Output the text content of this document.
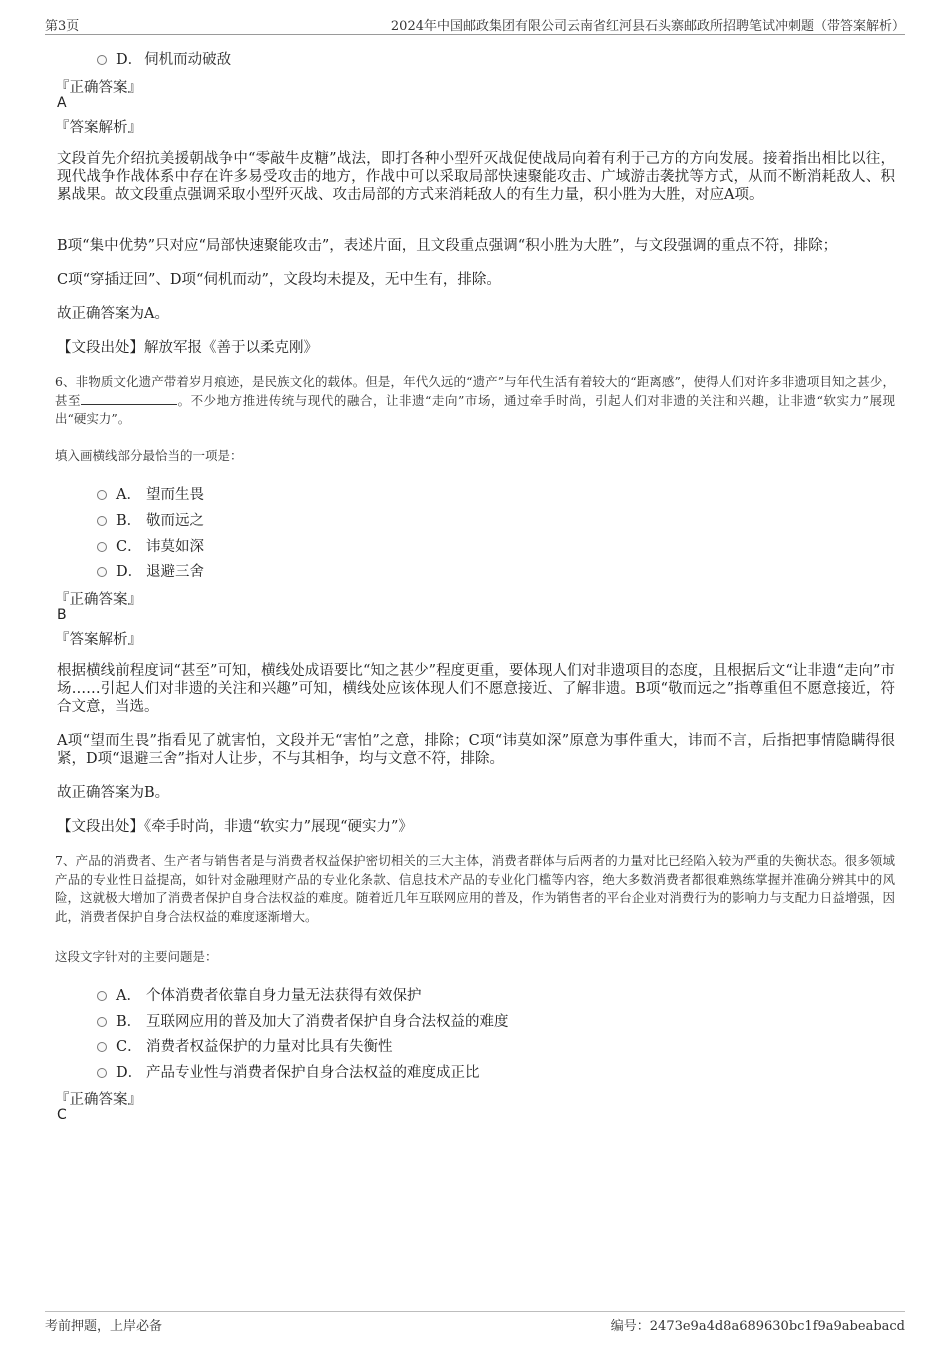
第3页	2024年中国邮政集团有限公司云南省红河县石头寨邮政所招聘笔试冲刺题（带答案解析）
D． 伺机而动破敌
『正确答案』
A
『答案解析』
文段首先介绍抗美援朝战争中“零敲牛皮糖”战法，即打各种小型歼灭战促使战局向着有利于己方的方向发展。接着指出相比以往，现代战争作战体系中存在许多易受攻击的地方，作战中可以采取局部快速聚能攻击、广域游击袭扰等方式，从而不断消耗敌人、积累战果。故文段重点强调采取小型歼灭战、攻击局部的方式来消耗敌人的有生力量，积小胜为大胜，对应A项。
B项“集中优势”只对应“局部快速聚能攻击”，表述片面，且文段重点强调“积小胜为大胜”，与文段强调的重点不符，排除；
C项“穿插迂回”、D项“伺机而动”，文段均未提及，无中生有，排除。
故正确答案为A。
【文段出处】解放军报《善于以柔克刚》
6、非物质文化遗产带着岁月痕迹，是民族文化的载体。但是，年代久远的“遗产”与年代生活有着较大的“距离感”，使得人们对许多非遗项目知之甚少，甚至	。不少地方推进传统与现代的融合，让非遗“走向”市场，通过牵手时尚，引起人们对非遗的关注和兴趣，让非遗“软实力”展现出“硬实力”。
填入画横线部分最恰当的一项是：
A． 望而生畏
B． 敬而远之
C． 讳莫如深
D． 退避三舍
『正确答案』
B
『答案解析』
根据横线前程度词“甚至”可知，横线处成语要比“知之甚少”程度更重，要体现人们对非遗项目的态度，且根据后文“让非遗“走向”市场……引起人们对非遗的关注和兴趣”可知，横线处应该体现人们不愿意接近、了解非遗。B项“敬而远之”指尊重但不愿意接近，符合文意，当选。
A项“望而生畏”指看见了就害怕，文段并无“害怕”之意，排除；C项“讳莫如深”原意为事件重大，讳而不言，后指把事情隐瞒得很紧，D项“退避三舍”指对人让步，不与其相争，均与文意不符，排除。
故正确答案为B。
【文段出处】《牵手时尚，非遗“软实力”展现“硬实力”》
7、产品的消费者、生产者与销售者是与消费者权益保护密切相关的三大主体，消费者群体与后两者的力量对比已经陷入较为严重的失衡状态。很多领域产品的专业性日益提高，如针对金融理财产品的专业化条款、信息技术产品的专业化门槛等内容，绝大多数消费者都很难熟练掌握并准确分辨其中的风险，这就极大增加了消费者保护自身合法权益的难度。随着近几年互联网应用的普及，作为销售者的平台企业对消费行为的影响力与支配力日益增强，因此，消费者保护自身合法权益的难度逐渐增大。
这段文字针对的主要问题是：
A． 个体消费者依靠自身力量无法获得有效保护
B． 互联网应用的普及加大了消费者保护自身合法权益的难度
C． 消费者权益保护的力量对比具有失衡性
D． 产品专业性与消费者保护自身合法权益的难度成正比
『正确答案』
C
考前押题，上岸必备	编号：2473e9a4d8a689630bc1f9a9abeabacd
